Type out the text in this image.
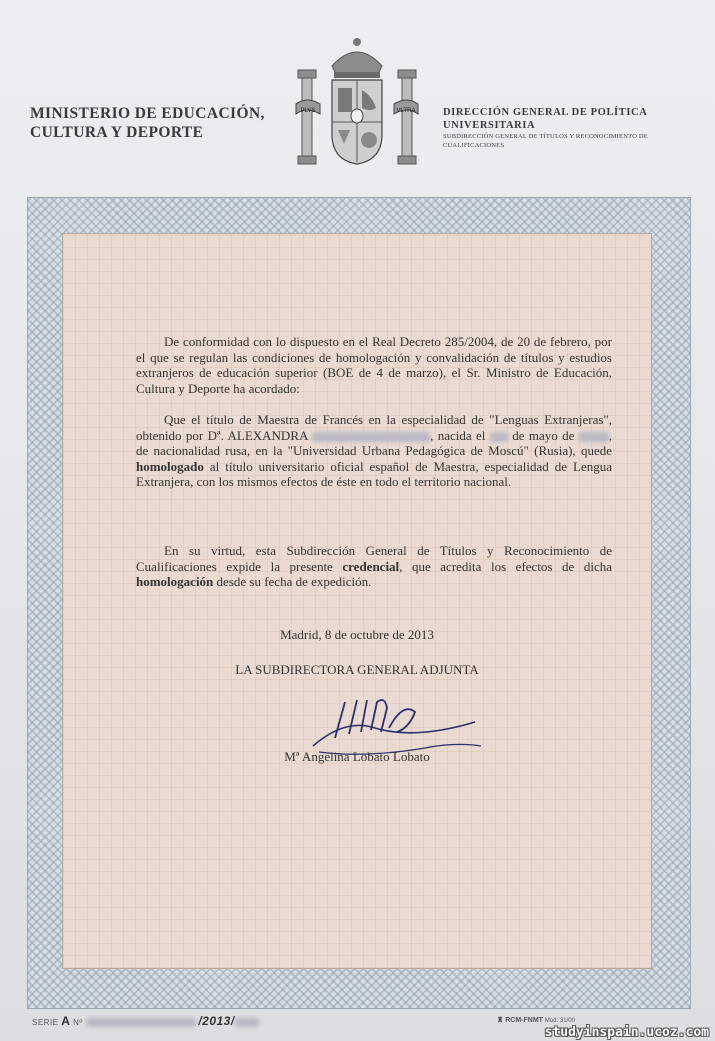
MINISTERIO DE EDUCACIÓN,
CULTURA Y DEPORTE
PLVS	VLTRA	DIRECCIÓN GENERAL DE POLÍTICA
UNIVERSITARIA
SUBDIRECCIÓN GENERAL DE TÍTULOS Y RECONOCIMIENTO DE
CUALIFICACIONES

De conformidad con lo dispuesto en el Real Decreto 285/2004, de 20 de febrero, por el que se regulan las condiciones de homologación y convalidación de títulos y estudios extranjeros de educación superior (BOE de 4 de marzo), el Sr. Ministro de Educación, Cultura y Deporte ha acordado:

Que el título de Maestra de Francés en la especialidad de "Lenguas Extranjeras", obtenido por Dª. ALEXANDRA	, nacida el de mayo de	, de nacionalidad rusa, en la "Universidad Urbana Pedagógica de Moscú" (Rusia), quede homologado al título universitario oficial español de Maestra, especialidad de Lengua Extranjera, con los mismos efectos de éste en todo el territorio nacional.

En su virtud, esta Subdirección General de Títulos y Reconocimiento de Cualificaciones expide la presente credencial, que acredita los efectos de dicha homologación desde su fecha de expedición.

Madrid, 8 de octubre de 2013
LA SUBDIRECTORA GENERAL ADJUNTA
Mª Angelina Lobato Lobato
SERIE A Nº	/2013/	♜ RCM-FNMT Mod. 31/00
studyinspain.ucoz.com
